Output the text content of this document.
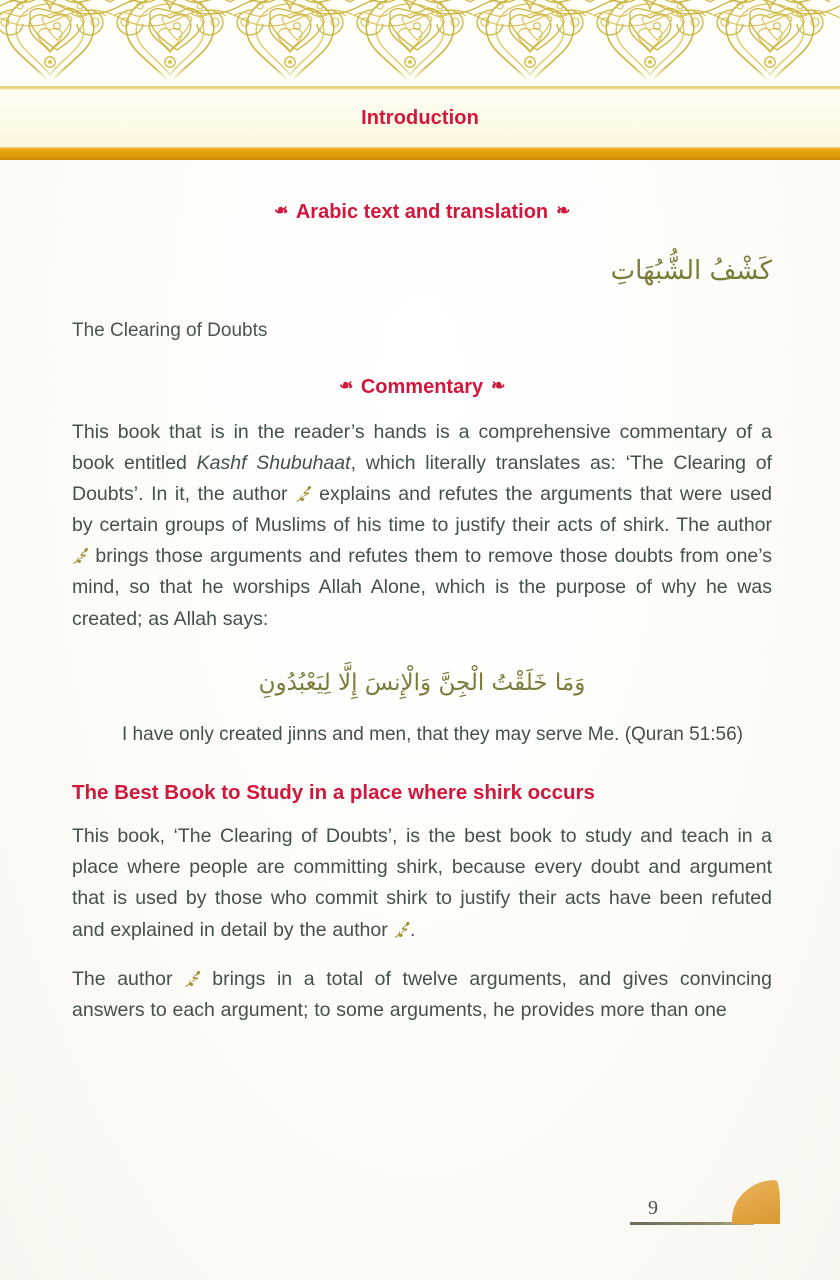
Introduction
❧ Arabic text and translation ❧
كَشْفُ الشُّبُهَاتِ
The Clearing of Doubts
❧ Commentary ❧

This book that is in the reader’s hands is a comprehensive commentary of a book entitled Kashf Shubuhaat, which literally translates as: ‘The Clearing of Doubts’. In it, the author ﷴ explains and refutes the arguments that were used by certain groups of Muslims of his time to justify their acts of shirk. The author ﷴ brings those arguments and refutes them to remove those doubts from one’s mind, so that he worships Allah Alone, which is the purpose of why he was created; as Allah says:

وَمَا خَلَقْتُ الْجِنَّ وَالْإِنسَ إِلَّا لِيَعْبُدُونِ

I have only created jinns and men, that they may serve Me. (Quran 51:56)

The Best Book to Study in a place where shirk occurs

This book, ‘The Clearing of Doubts’, is the best book to study and teach in a place where people are committing shirk, because every doubt and argument that is used by those who commit shirk to justify their acts have been refuted and explained in detail by the author ﷴ.

The author ﷴ brings in a total of twelve arguments, and gives convincing answers to each argument; to some arguments, he provides more than one

9
